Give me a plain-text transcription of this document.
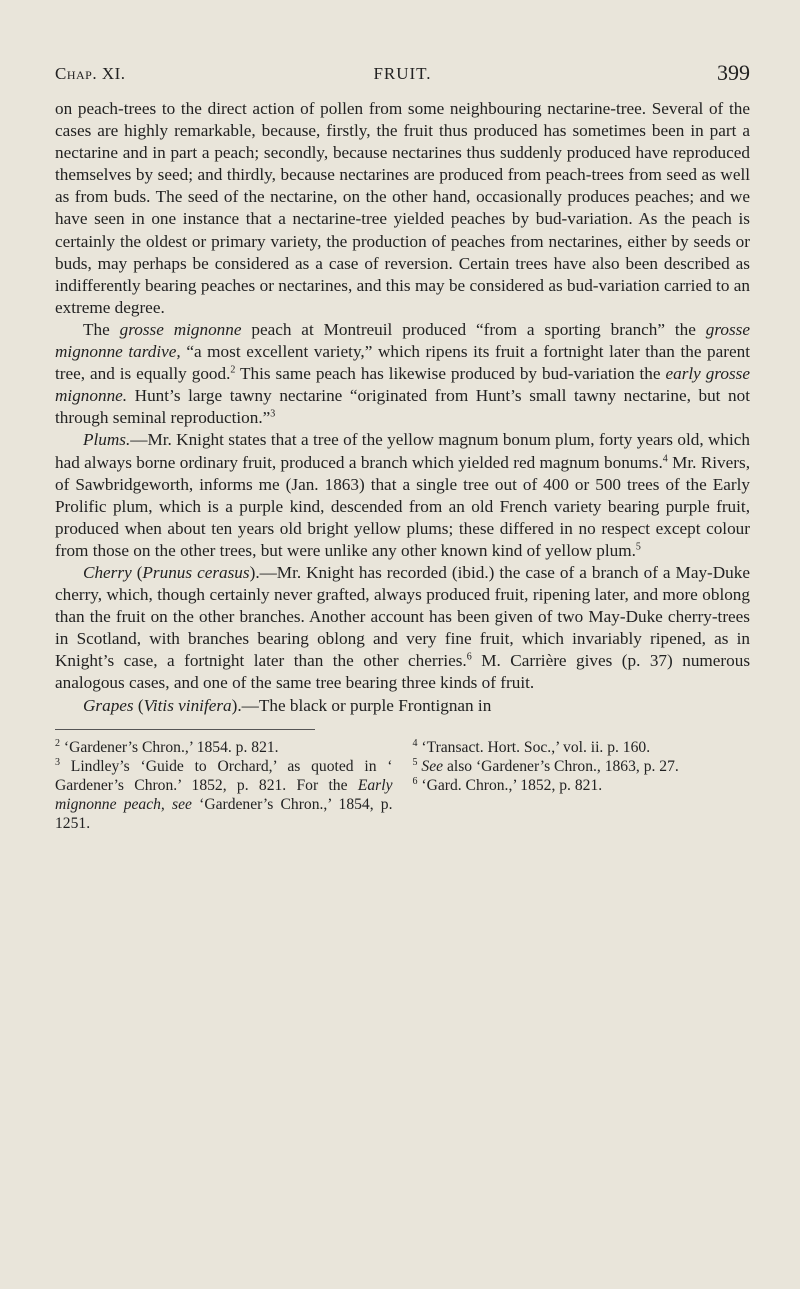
Chap. XI.	FRUIT.	399

on peach-trees to the direct action of pollen from some neighbouring nectarine-tree. Several of the cases are highly remarkable, because, firstly, the fruit thus produced has sometimes been in part a nectarine and in part a peach; secondly, because nectarines thus suddenly produced have reproduced themselves by seed; and thirdly, because nectarines are produced from peach-trees from seed as well as from buds. The seed of the nectarine, on the other hand, occasionally produces peaches; and we have seen in one instance that a nectarine-tree yielded peaches by bud-variation. As the peach is certainly the oldest or primary variety, the production of peaches from nectarines, either by seeds or buds, may perhaps be considered as a case of reversion. Certain trees have also been described as indifferently bearing peaches or nectarines, and this may be considered as bud-variation carried to an extreme degree.

The grosse mignonne peach at Montreuil produced “from a sporting branch” the grosse mignonne tardive, “a most excellent variety,” which ripens its fruit a fortnight later than the parent tree, and is equally good.$^2$ This same peach has likewise produced by bud-variation the early grosse mignonne. Hunt’s large tawny nectarine “originated from Hunt’s small tawny nectarine, but not through seminal reproduction.”$^3$

Plums.—Mr. Knight states that a tree of the yellow magnum bonum plum, forty years old, which had always borne ordinary fruit, produced a branch which yielded red magnum bonums.$^4$ Mr. Rivers, of Sawbridgeworth, informs me (Jan. 1863) that a single tree out of 400 or 500 trees of the Early Prolific plum, which is a purple kind, descended from an old French variety bearing purple fruit, produced when about ten years old bright yellow plums; these differed in no respect except colour from those on the other trees, but were unlike any other known kind of yellow plum.$^5$

Cherry (Prunus cerasus).—Mr. Knight has recorded (ibid.) the case of a branch of a May-Duke cherry, which, though certainly never grafted, always produced fruit, ripening later, and more oblong than the fruit on the other branches. Another account has been given of two May-Duke cherry-trees in Scotland, with branches bearing oblong and very fine fruit, which invariably ripened, as in Knight’s case, a fortnight later than the other cherries.$^6$ M. Carrière gives (p. 37) numerous analogous cases, and one of the same tree bearing three kinds of fruit.

Grapes (Vitis vinifera).—The black or purple Frontignan in

$^2$ ‘Gardener’s Chron.,’ 1854. p. 821.

$^3$ Lindley’s ‘Guide to Orchard,’ as quoted in ‘ Gardener’s Chron.’ 1852, p. 821. For the Early mignonne peach, see ‘Gardener’s Chron.,’ 1854, p. 1251.

$^4$ ‘Transact. Hort. Soc.,’ vol. ii. p. 160.

$^5$ See also ‘Gardener’s Chron., 1863, p. 27.

$^6$ ‘Gard. Chron.,’ 1852, p. 821.
